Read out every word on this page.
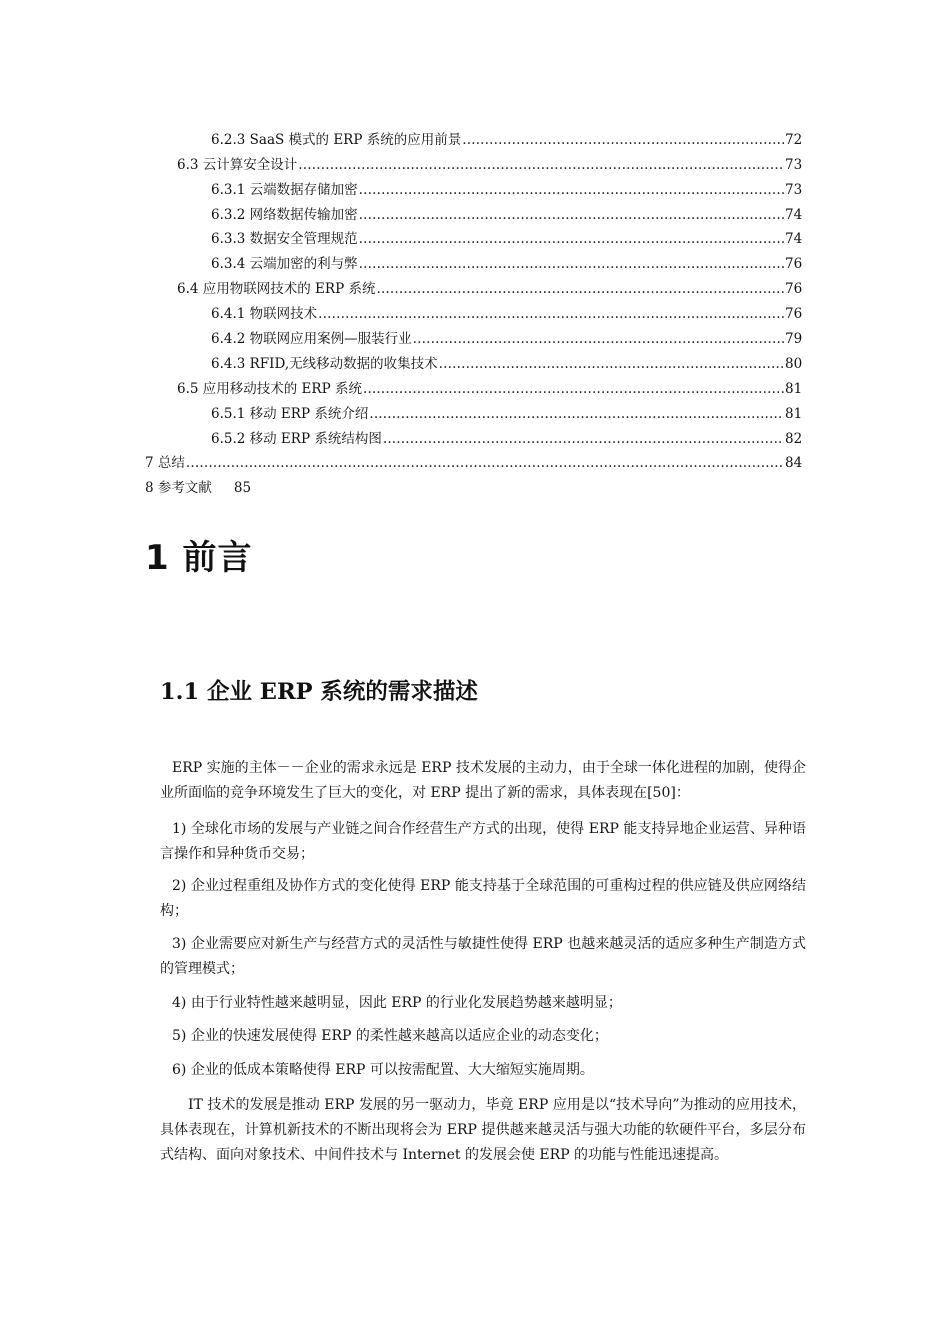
6.2.3 SaaS 模式的 ERP 系统的应用前景 .....	72
6.3 云计算安全设计 .....	73
6.3.1 云端数据存储加密 .....	73
6.3.2 网络数据传输加密 .....	74
6.3.3 数据安全管理规范 .....	74
6.3.4 云端加密的利与弊 .....	76
6.4 应用物联网技术的 ERP 系统 .....	76
6.4.1 物联网技术 .....	76
6.4.2 物联网应用案例—服装行业 .....	79
6.4.3 RFID,无线移动数据的收集技术 .....	80
6.5 应用移动技术的 ERP 系统 .....	81
6.5.1 移动 ERP 系统介绍 .....	81
6.5.2 移动 ERP 系统结构图 .....	82
7 总结 .....	84
8 参考文献 85
1 前言
1.1 企业 ERP 系统的需求描述
ERP 实施的主体－－企业的需求永远是 ERP 技术发展的主动力，由于全球一体化进程的加剧，使得企业所面临的竞争环境发生了巨大的变化，对 ERP 提出了新的需求，具体表现在[50]：
1) 全球化市场的发展与产业链之间合作经营生产方式的出现，使得 ERP 能支持异地企业运营、异种语言操作和异种货币交易；
2) 企业过程重组及协作方式的变化使得 ERP 能支持基于全球范围的可重构过程的供应链及供应网络结构；
3) 企业需要应对新生产与经营方式的灵活性与敏捷性使得 ERP 也越来越灵活的适应多种生产制造方式的管理模式；
4) 由于行业特性越来越明显，因此 ERP 的行业化发展趋势越来越明显；
5) 企业的快速发展使得 ERP 的柔性越来越高以适应企业的动态变化；
6) 企业的低成本策略使得 ERP 可以按需配置、大大缩短实施周期。
IT 技术的发展是推动 ERP 发展的另一驱动力，毕竟 ERP 应用是以“技术导向”为推动的应用技术，具体表现在，计算机新技术的不断出现将会为 ERP 提供越来越灵活与强大功能的软硬件平台，多层分布式结构、面向对象技术、中间件技术与 Internet 的发展会使 ERP 的功能与性能迅速提高。
